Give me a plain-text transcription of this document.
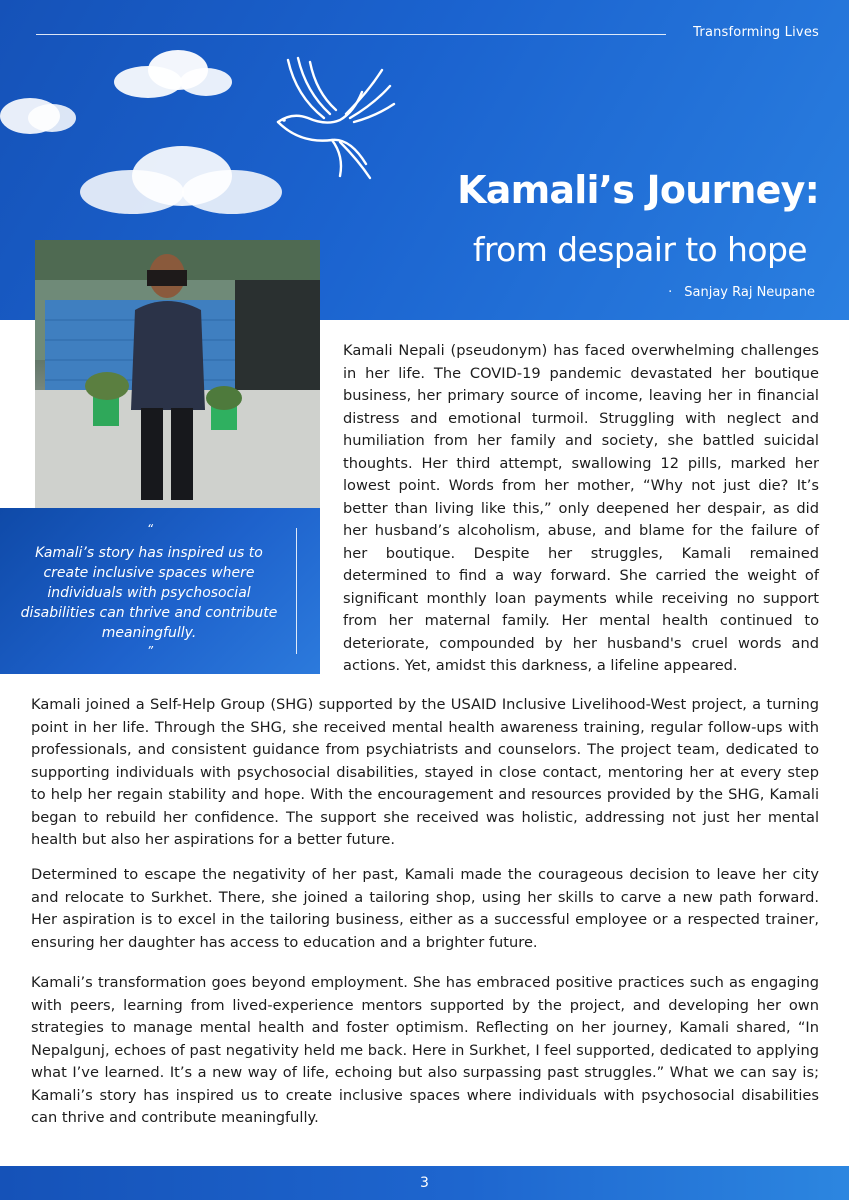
Transforming Lives
Kamali’s Journey:
from despair to hope
· Sanjay Raj Neupane
“
Kamali’s story has inspired us to create inclusive spaces where individuals with psychosocial disabilities can thrive and contribute meaningfully.
”
Kamali Nepali (pseudonym) has faced overwhelming challenges in her life. The COVID-19 pandemic devastated her boutique business, her primary source of income, leaving her in financial distress and emotional turmoil. Struggling with neglect and humiliation from her family and society, she battled suicidal thoughts. Her third attempt, swallowing 12 pills, marked her lowest point. Words from her mother, “Why not just die? It’s better than living like this,” only deepened her despair, as did her husband’s alcoholism, abuse, and blame for the failure of her boutique. Despite her struggles, Kamali remained determined to find a way forward. She carried the weight of significant monthly loan payments while receiving no support from her maternal family. Her mental health continued to deteriorate, compounded by her husband's cruel words and actions. Yet, amidst this darkness, a lifeline appeared.
Kamali joined a Self-Help Group (SHG) supported by the USAID Inclusive Livelihood-West project, a turning point in her life. Through the SHG, she received mental health awareness training, regular follow-ups with professionals, and consistent guidance from psychiatrists and counselors. The project team, dedicated to supporting individuals with psychosocial disabilities, stayed in close contact, mentoring her at every step to help her regain stability and hope. With the encouragement and resources provided by the SHG, Kamali began to rebuild her confidence. The support she received was holistic, addressing not just her mental health but also her aspirations for a better future.
Determined to escape the negativity of her past, Kamali made the courageous decision to leave her city and relocate to Surkhet. There, she joined a tailoring shop, using her skills to carve a new path forward. Her aspiration is to excel in the tailoring business, either as a successful employee or a respected trainer, ensuring her daughter has access to education and a brighter future.
Kamali’s transformation goes beyond employment. She has embraced positive practices such as engaging with peers, learning from lived-experience mentors supported by the project, and developing her own strategies to manage mental health and foster optimism. Reflecting on her journey, Kamali shared, “In Nepalgunj, echoes of past negativity held me back. Here in Surkhet, I feel supported, dedicated to applying what I’ve learned. It’s a new way of life, echoing but also surpassing past struggles.” What we can say is; Kamali’s story has inspired us to create inclusive spaces where individuals with psychosocial disabilities can thrive and contribute meaningfully.
3
